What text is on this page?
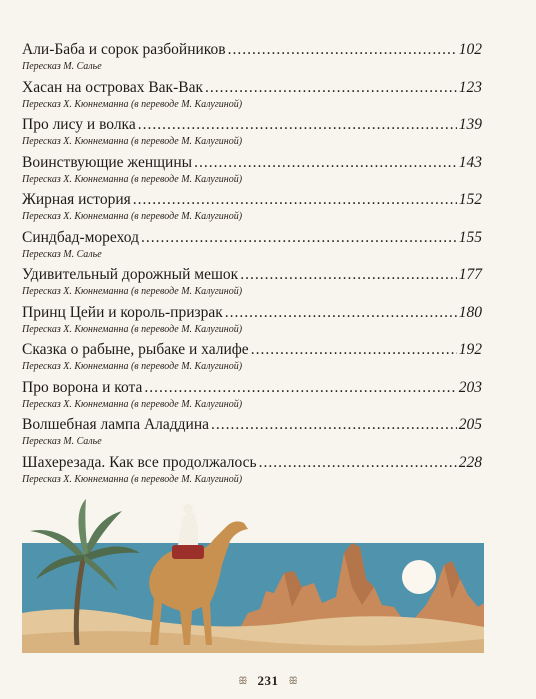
Али-Баба и сорок разбойников .....	102
Пересказ М. Салье
Хасан на островах Вак-Вак .....	123
Пересказ Х. Кюннеманна (в переводе М. Калугиной)
Про лису и волка .....	139
Пересказ Х. Кюннеманна (в переводе М. Калугиной)
Воинствующие женщины .....	143
Пересказ Х. Кюннеманна (в переводе М. Калугиной)
Жирная история .....	152
Пересказ Х. Кюннеманна (в переводе М. Калугиной)
Синдбад-мореход .....	155
Пересказ М. Салье
Удивительный дорожный мешок .....	177
Пересказ Х. Кюннеманна (в переводе М. Калугиной)
Принц Цейи и король-призрак .....	180
Пересказ Х. Кюннеманна (в переводе М. Калугиной)
Сказка о рабыне, рыбаке и халифе .....	192
Пересказ Х. Кюннеманна (в переводе М. Калугиной)
Про ворона и кота .....	203
Пересказ Х. Кюннеманна (в переводе М. Калугиной)
Волшебная лампа Аладдина .....	205
Пересказ М. Салье
Шахерезада. Как все продолжалось .....	228
Пересказ Х. Кюннеманна (в переводе М. Калугиной)
ꕥ 231 ꕥ
